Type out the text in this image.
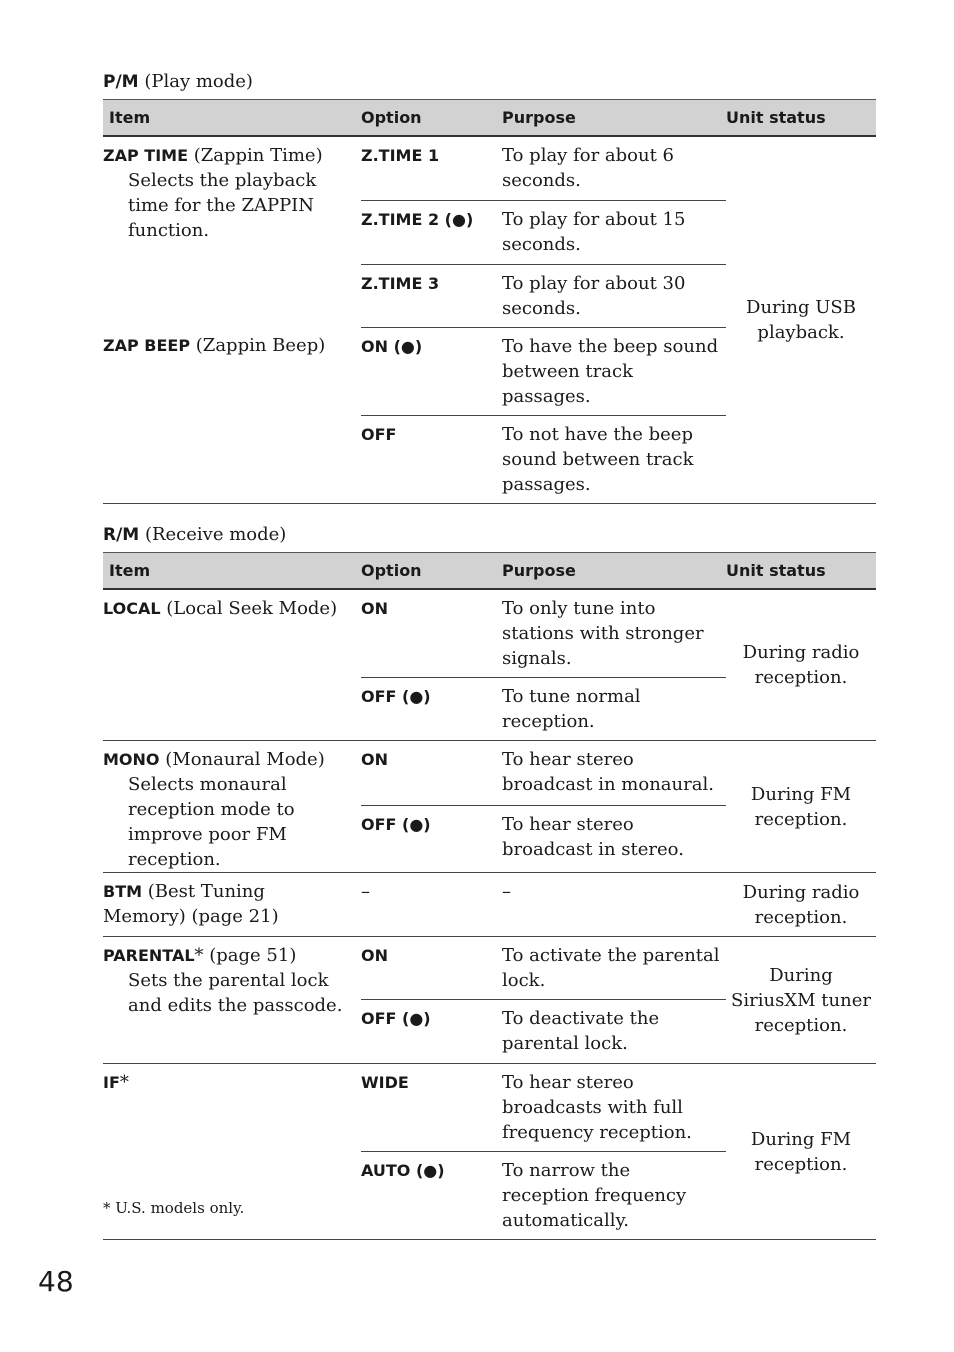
P/M (Play mode)
Item	Option	Purpose	Unit status
ZAP TIME (Zappin Time)
Selects the playback time for the ZAPPIN function.	Z.TIME 1	To play for about 6 seconds.	During USB playback.
	Z.TIME 2 (●)	To play for about 15 seconds.	
	Z.TIME 3	To play for about 30 seconds.	
ZAP BEEP (Zappin Beep)	ON (●)	To have the beep sound between track passages.	
	OFF	To not have the beep sound between track passages.	
R/M (Receive mode)
Item	Option	Purpose	Unit status
LOCAL (Local Seek Mode)	ON	To only tune into stations with stronger signals.	During radio reception.
	OFF (●)	To tune normal reception.	
MONO (Monaural Mode)
Selects monaural reception mode to improve poor FM reception.	ON	To hear stereo broadcast in monaural.	During FM reception.
	OFF (●)	To hear stereo broadcast in stereo.	
BTM (Best Tuning Memory) (page 21)	–	–	During radio reception.
PARENTAL* (page 51)
Sets the parental lock and edits the passcode.	ON	To activate the parental lock.	During SiriusXM tuner reception.
	OFF (●)	To deactivate the parental lock.	
IF*	WIDE	To hear stereo broadcasts with full frequency reception.	During FM reception.
	AUTO (●)	To narrow the reception frequency automatically.	
* U.S. models only.
48
